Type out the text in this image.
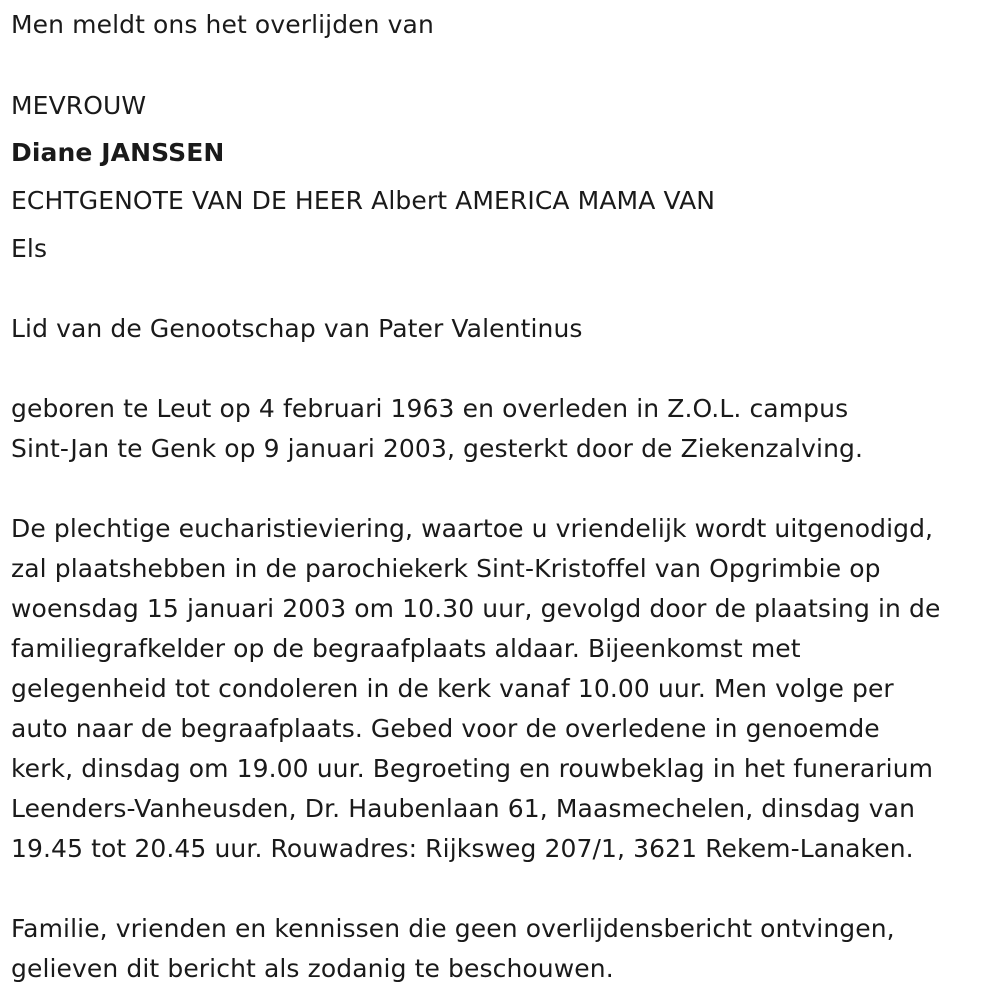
Men meldt ons het overlijden van
MEVROUW
Diane JANSSEN
ECHTGENOTE VAN DE HEER Albert AMERICA MAMA VAN
Els
Lid van de Genootschap van Pater Valentinus
geboren te Leut op 4 februari 1963 en overleden in Z.O.L. campus
Sint-Jan te Genk op 9 januari 2003, gesterkt door de Ziekenzalving.
De plechtige eucharistieviering, waartoe u vriendelijk wordt uitgenodigd,
zal plaatshebben in de parochiekerk Sint-Kristoffel van Opgrimbie op
woensdag 15 januari 2003 om 10.30 uur, gevolgd door de plaatsing in de
familiegrafkelder op de begraafplaats aldaar. Bijeenkomst met
gelegenheid tot condoleren in de kerk vanaf 10.00 uur. Men volge per
auto naar de begraafplaats. Gebed voor de overledene in genoemde
kerk, dinsdag om 19.00 uur. Begroeting en rouwbeklag in het funerarium
Leenders-Vanheusden, Dr. Haubenlaan 61, Maasmechelen, dinsdag van
19.45 tot 20.45 uur. Rouwadres: Rijksweg 207/1, 3621 Rekem-Lanaken.
Familie, vrienden en kennissen die geen overlijdensbericht ontvingen,
gelieven dit bericht als zodanig te beschouwen.
